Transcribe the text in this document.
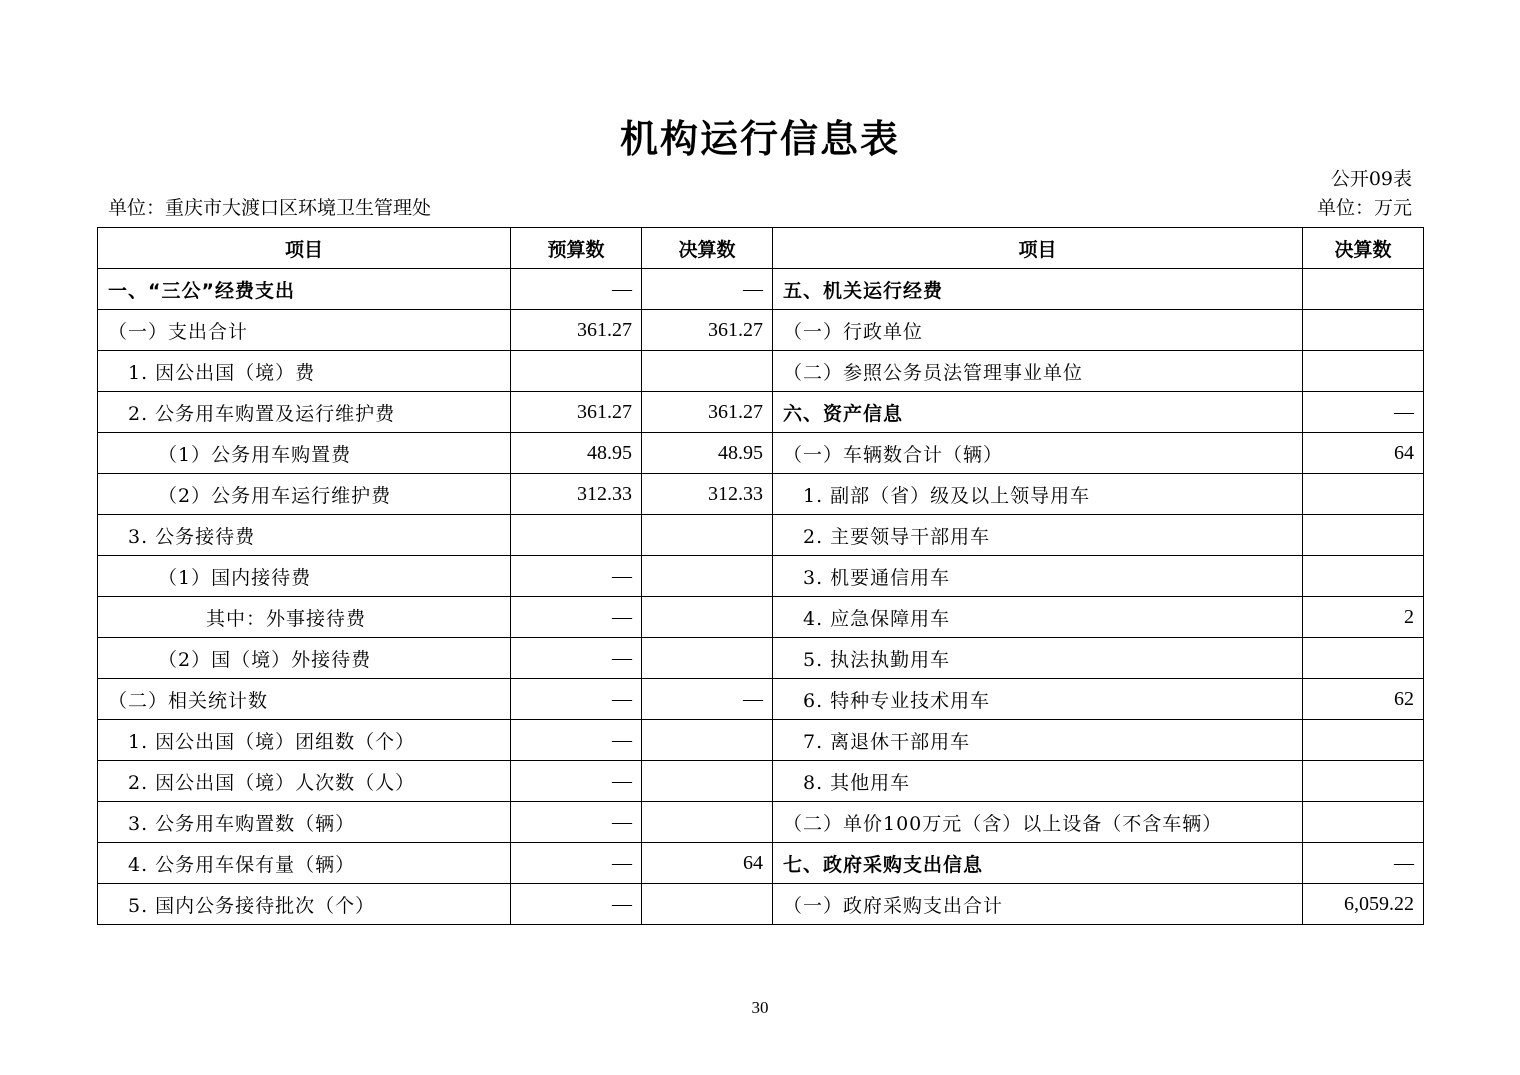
机构运行信息表
公开09表
单位：重庆市大渡口区环境卫生管理处	单位：万元
项目	预算数	决算数	项目	决算数
一、“三公”经费支出	—	—	五、机关运行经费	
（一）支出合计	361.27	361.27	（一）行政单位	
1. 因公出国（境）费			（二）参照公务员法管理事业单位	
2. 公务用车购置及运行维护费	361.27	361.27	六、资产信息	—
（1）公务用车购置费	48.95	48.95	（一）车辆数合计（辆）	64
（2）公务用车运行维护费	312.33	312.33	1. 副部（省）级及以上领导用车	
3. 公务接待费			2. 主要领导干部用车	
（1）国内接待费	—		3. 机要通信用车	
其中：外事接待费	—		4. 应急保障用车	2
（2）国（境）外接待费	—		5. 执法执勤用车	
（二）相关统计数	—	—	6. 特种专业技术用车	62
1. 因公出国（境）团组数（个）	—		7. 离退休干部用车	
2. 因公出国（境）人次数（人）	—		8. 其他用车	
3. 公务用车购置数（辆）	—		（二）单价100万元（含）以上设备（不含车辆）	
4. 公务用车保有量（辆）	—	64	七、政府采购支出信息	—
5. 国内公务接待批次（个）	—		（一）政府采购支出合计	6,059.22
30
